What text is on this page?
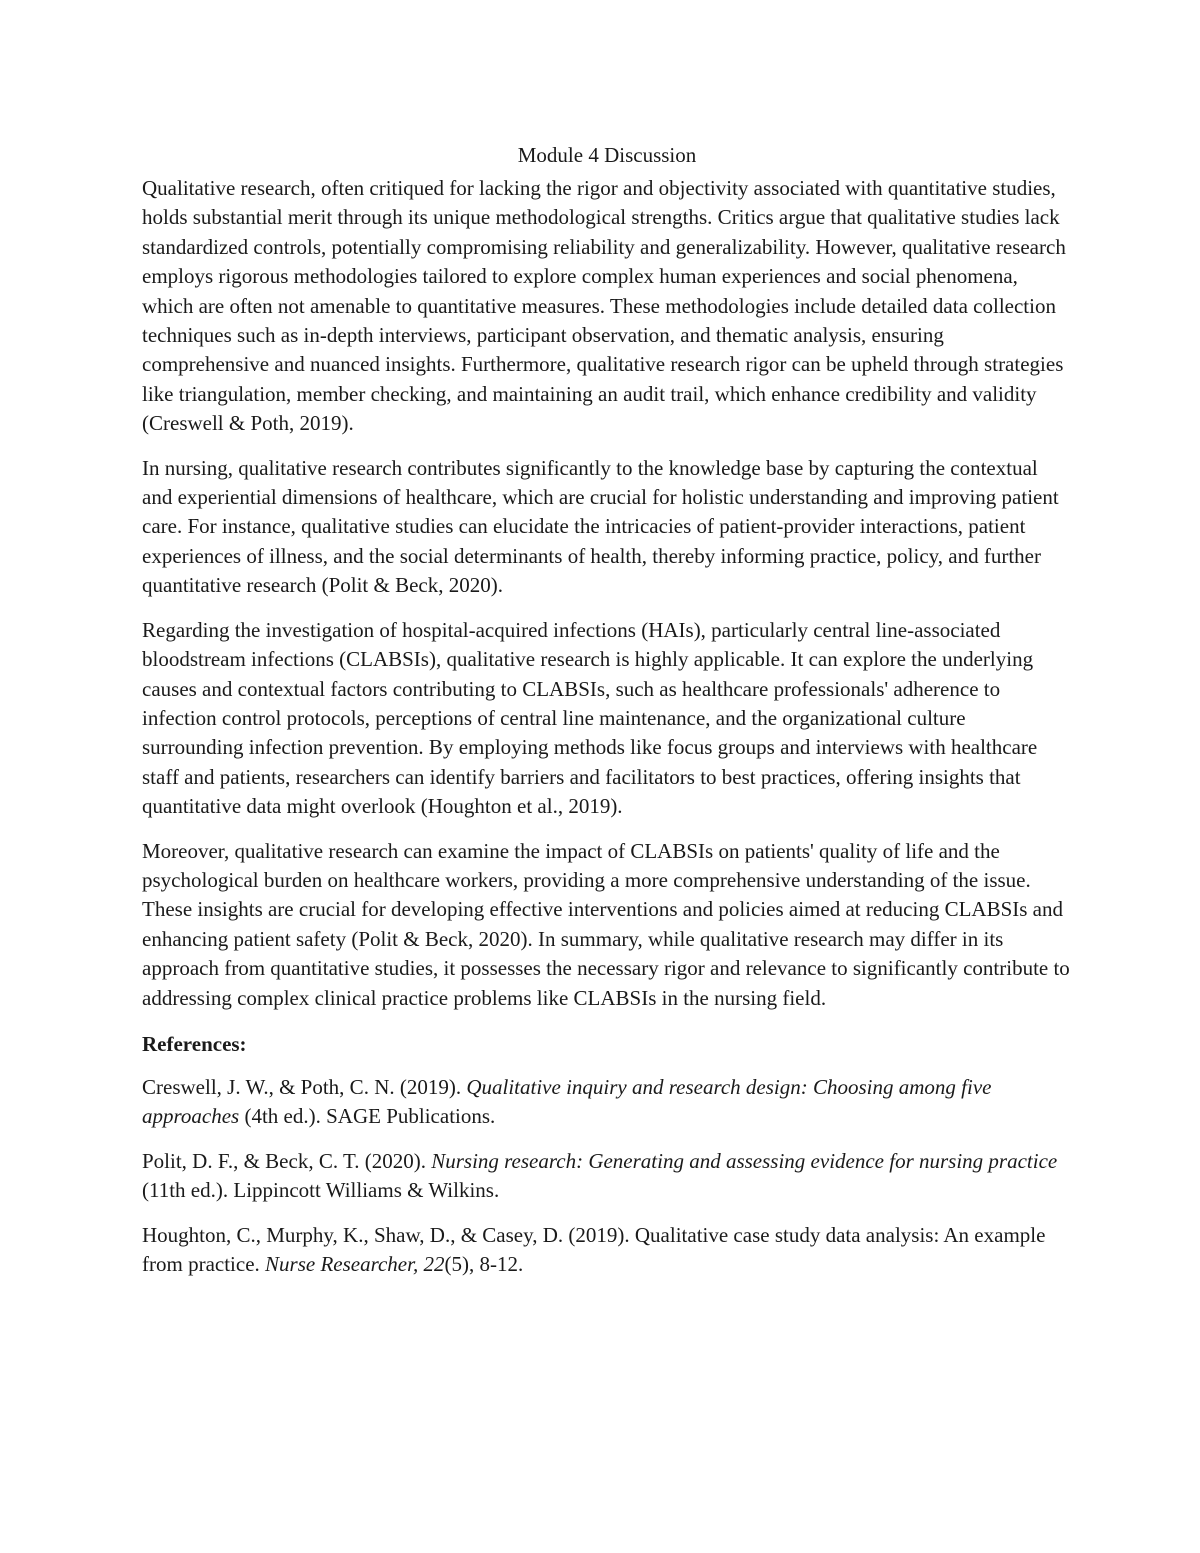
Module 4 Discussion

Qualitative research, often critiqued for lacking the rigor and objectivity associated with quantitative studies, holds substantial merit through its unique methodological strengths. Critics argue that qualitative studies lack standardized controls, potentially compromising reliability and generalizability. However, qualitative research employs rigorous methodologies tailored to explore complex human experiences and social phenomena, which are often not amenable to quantitative measures. These methodologies include detailed data collection techniques such as in-depth interviews, participant observation, and thematic analysis, ensuring comprehensive and nuanced insights. Furthermore, qualitative research rigor can be upheld through strategies like triangulation, member checking, and maintaining an audit trail, which enhance credibility and validity (Creswell & Poth, 2019).

In nursing, qualitative research contributes significantly to the knowledge base by capturing the contextual and experiential dimensions of healthcare, which are crucial for holistic understanding and improving patient care. For instance, qualitative studies can elucidate the intricacies of patient-provider interactions, patient experiences of illness, and the social determinants of health, thereby informing practice, policy, and further quantitative research (Polit & Beck, 2020).

Regarding the investigation of hospital-acquired infections (HAIs), particularly central line-associated bloodstream infections (CLABSIs), qualitative research is highly applicable. It can explore the underlying causes and contextual factors contributing to CLABSIs, such as healthcare professionals' adherence to infection control protocols, perceptions of central line maintenance, and the organizational culture surrounding infection prevention. By employing methods like focus groups and interviews with healthcare staff and patients, researchers can identify barriers and facilitators to best practices, offering insights that quantitative data might overlook (Houghton et al., 2019).

Moreover, qualitative research can examine the impact of CLABSIs on patients' quality of life and the psychological burden on healthcare workers, providing a more comprehensive understanding of the issue. These insights are crucial for developing effective interventions and policies aimed at reducing CLABSIs and enhancing patient safety (Polit & Beck, 2020). In summary, while qualitative research may differ in its approach from quantitative studies, it possesses the necessary rigor and relevance to significantly contribute to addressing complex clinical practice problems like CLABSIs in the nursing field.

References:

Creswell, J. W., & Poth, C. N. (2019). Qualitative inquiry and research design: Choosing among five approaches (4th ed.). SAGE Publications.

Polit, D. F., & Beck, C. T. (2020). Nursing research: Generating and assessing evidence for nursing practice (11th ed.). Lippincott Williams & Wilkins.

Houghton, C., Murphy, K., Shaw, D., & Casey, D. (2019). Qualitative case study data analysis: An example from practice. Nurse Researcher, 22(5), 8-12.
